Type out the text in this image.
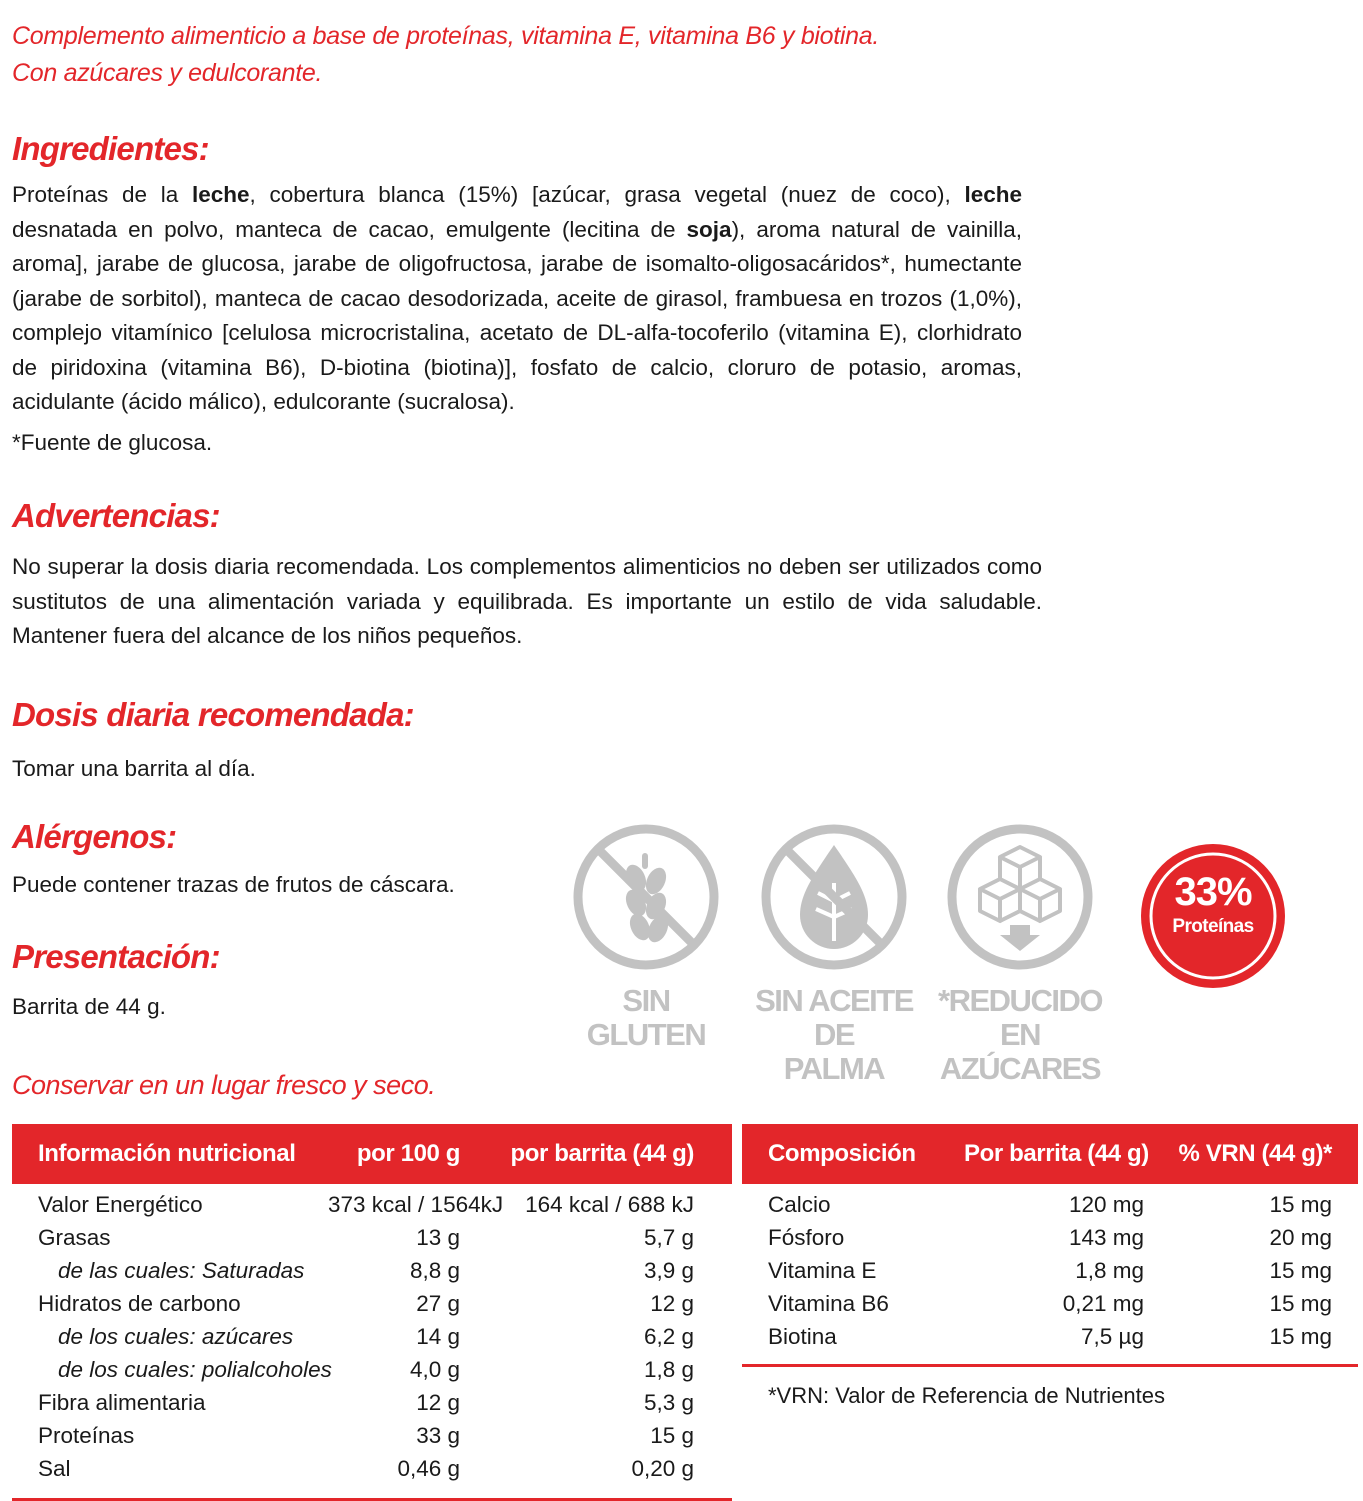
Complemento alimenticio a base de proteínas, vitamina E, vitamina B6 y biotina.
Con azúcares y edulcorante.
Ingredientes:

Proteínas de la leche, cobertura blanca (15%) [azúcar, grasa vegetal (nuez de coco), leche desnatada en polvo, manteca de cacao, emulgente (lecitina de soja), aroma natural de vainilla, aroma], jarabe de glucosa, jarabe de oligofructosa, jarabe de isomalto-oligosacáridos*, humectante (jarabe de sorbitol), manteca de cacao desodorizada, aceite de girasol, frambuesa en trozos (1,0%), complejo vitamínico [celulosa microcristalina, acetato de DL-alfa-tocoferilo (vitamina E), clorhidrato de piridoxina (vitamina B6), D-biotina (biotina)], fosfato de calcio, cloruro de potasio, aromas, acidulante (ácido málico), edulcorante (sucralosa).

*Fuente de glucosa.

Advertencias:

No superar la dosis diaria recomendada. Los complementos alimenticios no deben ser utilizados como sustitutos de una alimentación variada y equilibrada. Es importante un estilo de vida saludable. Mantener fuera del alcance de los niños pequeños.

Dosis diaria recomendada:

Tomar una barrita al día.

Alérgenos:

Puede contener trazas de frutos de cáscara.

Presentación:

Barrita de 44 g.

Conservar en un lugar fresco y seco.
SIN GLUTEN
SIN ACEITE DE
PALMA
*REDUCIDO EN
AZÚCARES
33%
Proteínas
Información nutricional	por 100 g	por barrita (44 g)
Valor Energético	373 kcal / 1564kJ 164 kcal / 688 kJ
Grasas	13 g	5,7 g
de las cuales: Saturadas	8,8 g	3,9 g
Hidratos de carbono	27 g	12 g
de los cuales: azúcares	14 g	6,2 g
de los cuales: polialcoholes	4,0 g	1,8 g
Fibra alimentaria	12 g	5,3 g
Proteínas	33 g	15 g
Sal	0,46 g	0,20 g
Composición	Por barrita (44 g)	% VRN (44 g)*
Calcio	120 mg	15 mg
Fósforo	143 mg	20 mg
Vitamina E	1,8 mg	15 mg
Vitamina B6	0,21 mg	15 mg
Biotina	7,5 µg	15 mg
*VRN: Valor de Referencia de Nutrientes
